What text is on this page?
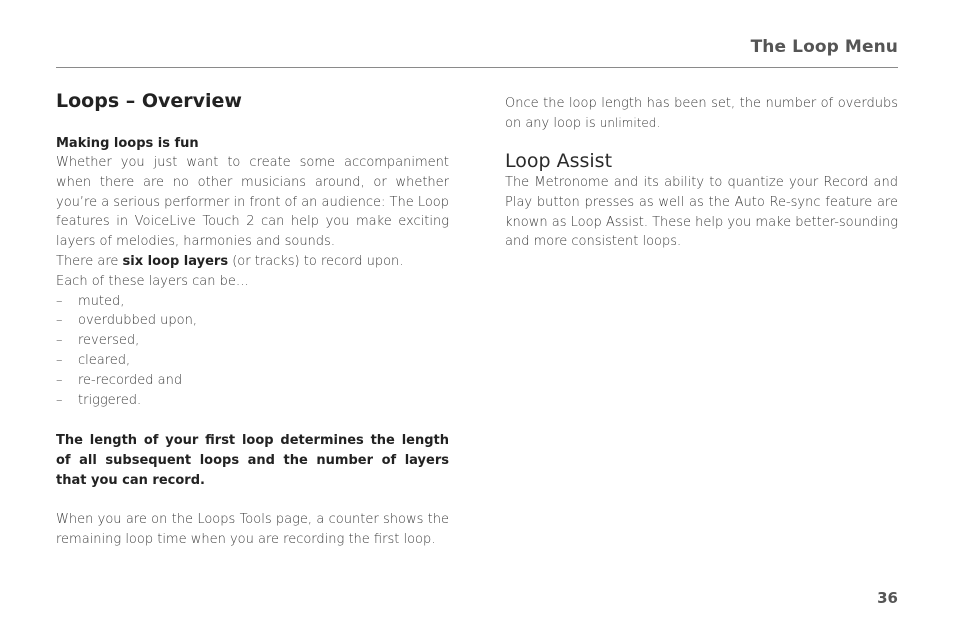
The Loop Menu
Loops – Overview
Making loops is fun

Whether you just want to create some accompaniment when there are no other musicians around, or whether you’re a serious performer in front of an audience: The Loop features in VoiceLive Touch 2 can help you make exciting layers of melodies, harmonies and sounds.

There are six loop layers (or tracks) to record upon.

Each of these layers can be…

– muted,
– overdubbed upon,
– reversed,
– cleared,
– re-recorded and
– triggered.

The length of your first loop determines the length of all subsequent loops and the number of layers that you can record.

When you are on the Loops Tools page, a counter shows the remaining loop time when you are recording the first loop.

Once the loop length has been set, the number of overdubs on any loop is unlimited.

Loop Assist

The Metronome and its ability to quantize your Record and Play button presses as well as the Auto Re-sync feature are known as Loop Assist. These help you make better-sounding and more consistent loops.

36
